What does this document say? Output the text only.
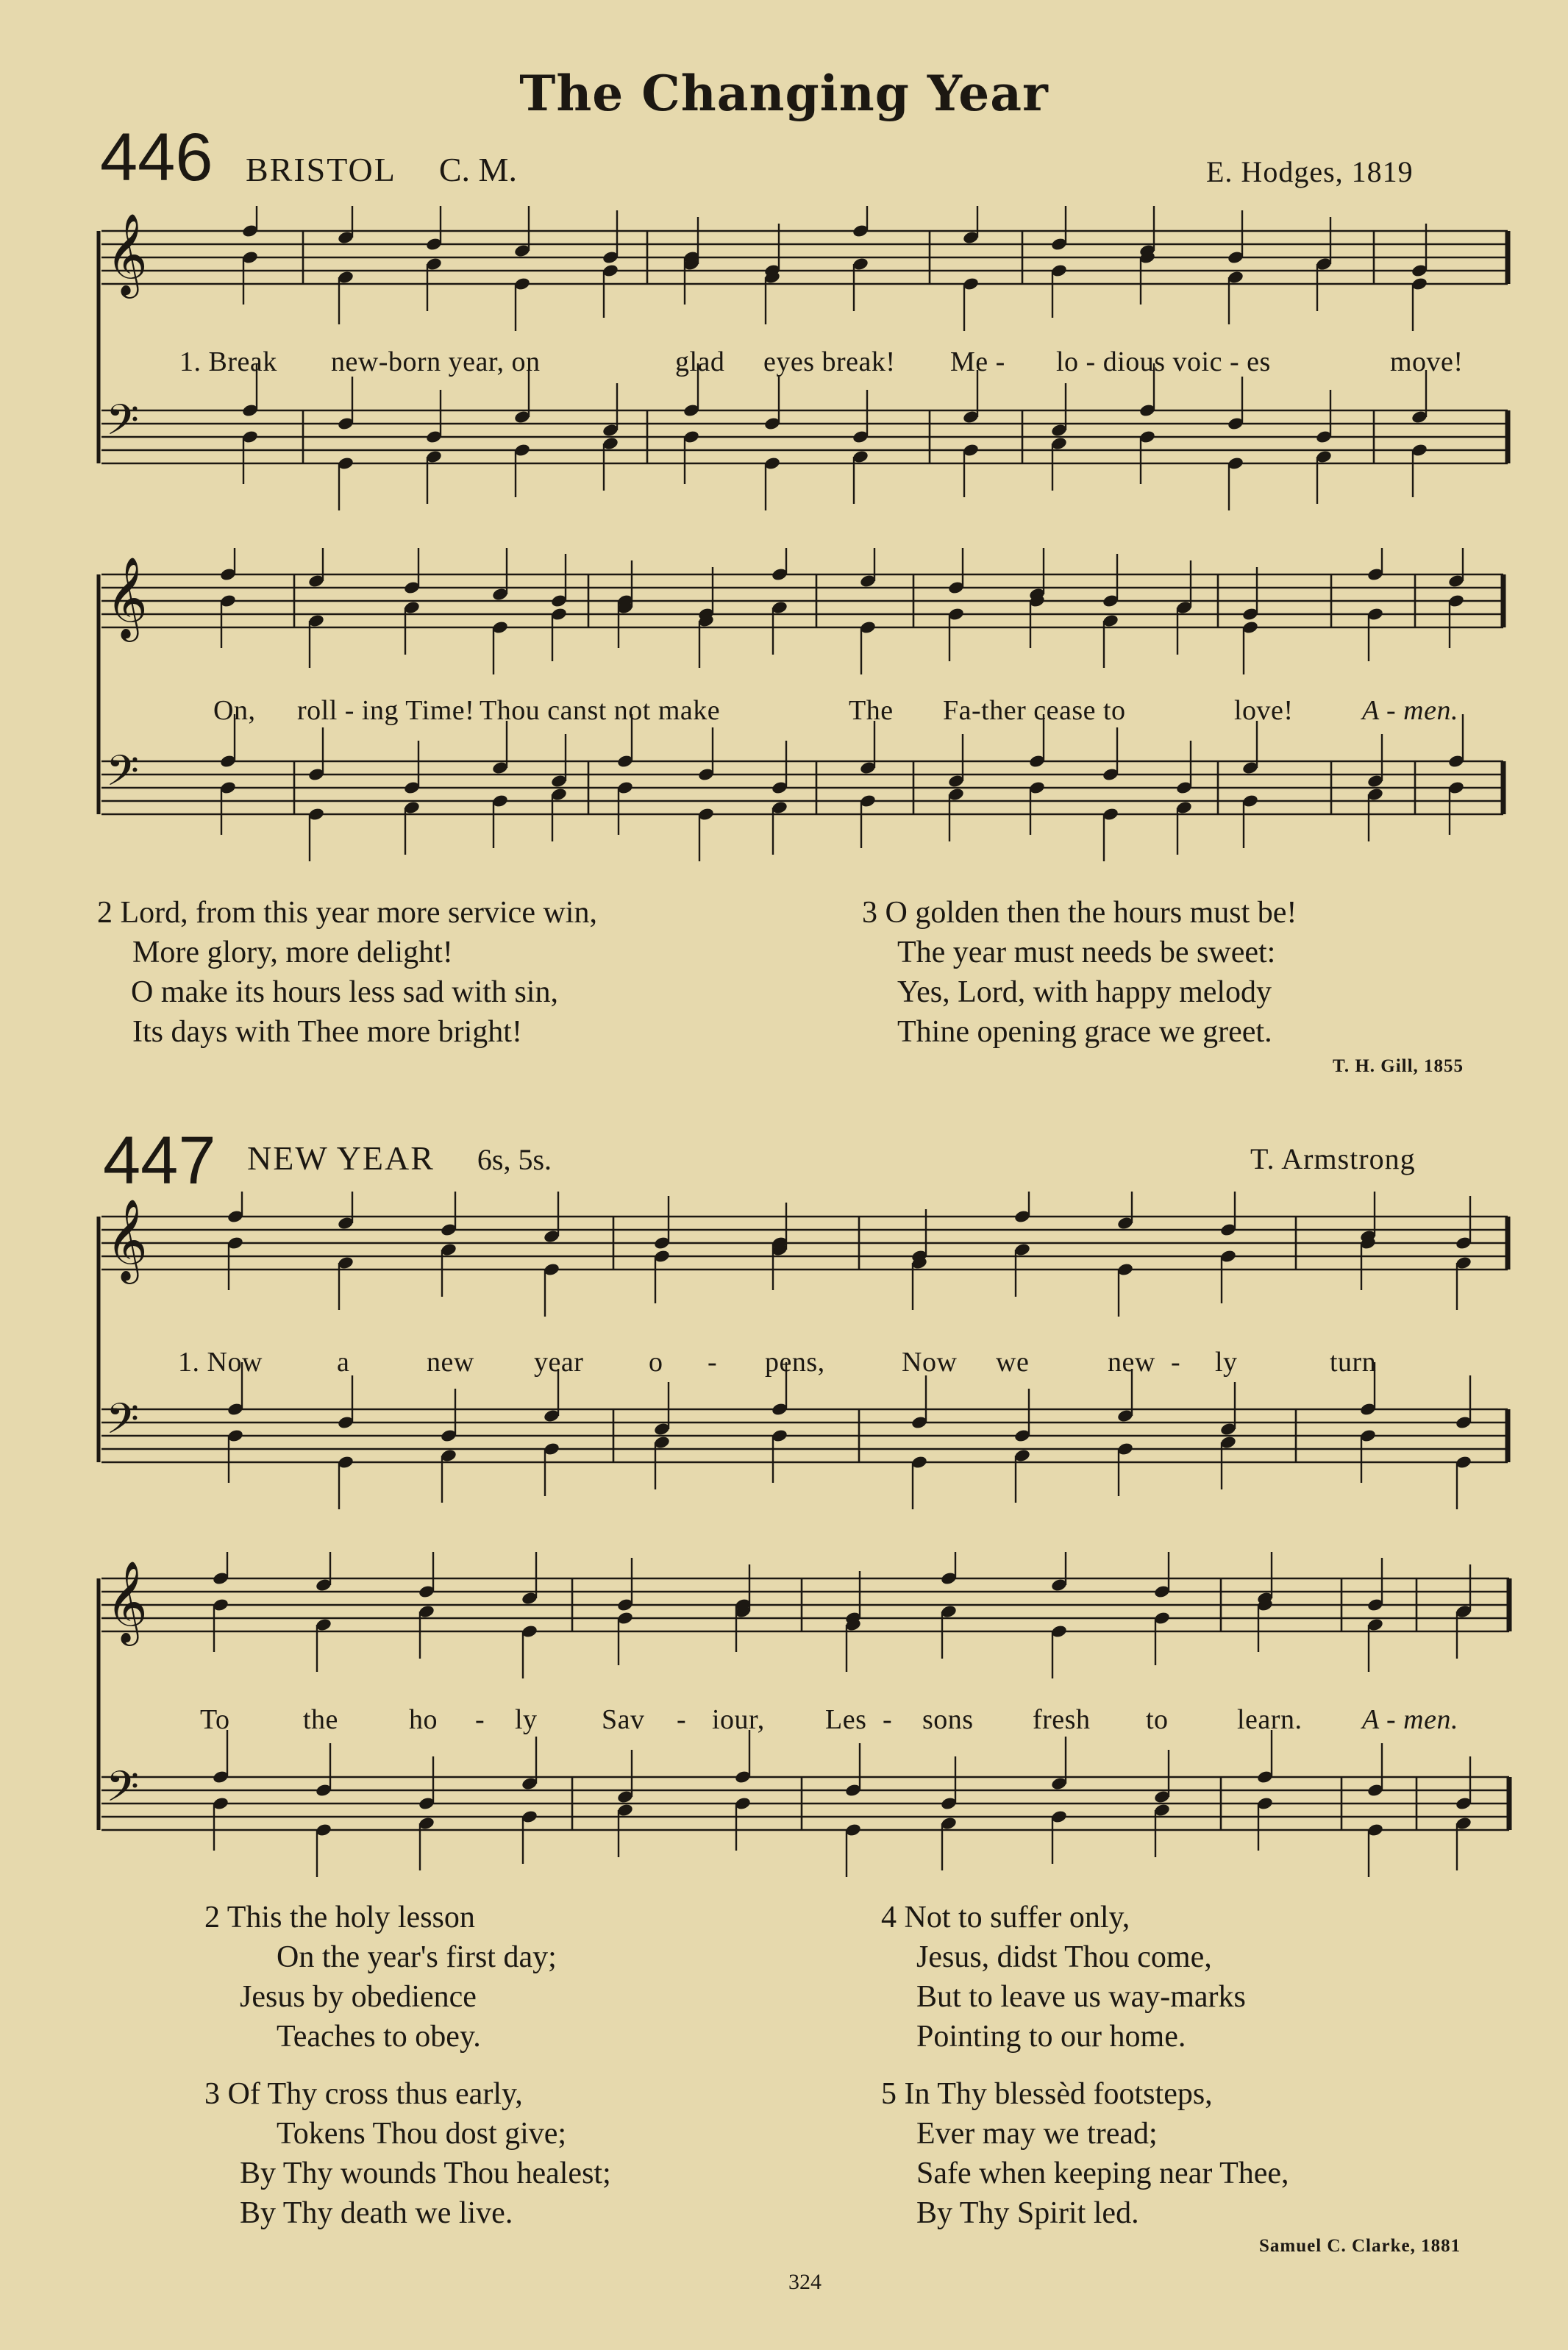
The Changing Year
446 BRISTOL C. M.	E. Hodges, 1819
𝄞
𝄢
𝄞
𝄢
1. Break new-born year, on	glad eyes break! Me - lo - dious voic - es	move!
On, roll - ing Time! Thou canst not make	The Fa-ther cease to	love! A - men.
2 Lord, from this year more service win,
More glory, more delight!
O make its hours less sad with sin,
Its days with Thee more bright!
3 O golden then the hours must be!
The year must needs be sweet:
Yes, Lord, with happy melody
Thine opening grace we greet.
T. H. Gill, 1855
447 NEW YEAR 6s, 5s.	T. Armstrong
𝄞
𝄢
𝄞
𝄢
1. Now	a	new year o - pens,	Now we	new - ly	turn
To	the	ho - ly Sav - iour, Les - sons fresh to learn. A - men.
2 This the holy lesson
On the year's first day;
Jesus by obedience
Teaches to obey.
3 Of Thy cross thus early,
Tokens Thou dost give;
By Thy wounds Thou healest;
By Thy death we live.
4 Not to suffer only,
Jesus, didst Thou come,
But to leave us way-marks
Pointing to our home.
5 In Thy blessèd footsteps,
Ever may we tread;
Safe when keeping near Thee,
By Thy Spirit led.
Samuel C. Clarke, 1881
324
